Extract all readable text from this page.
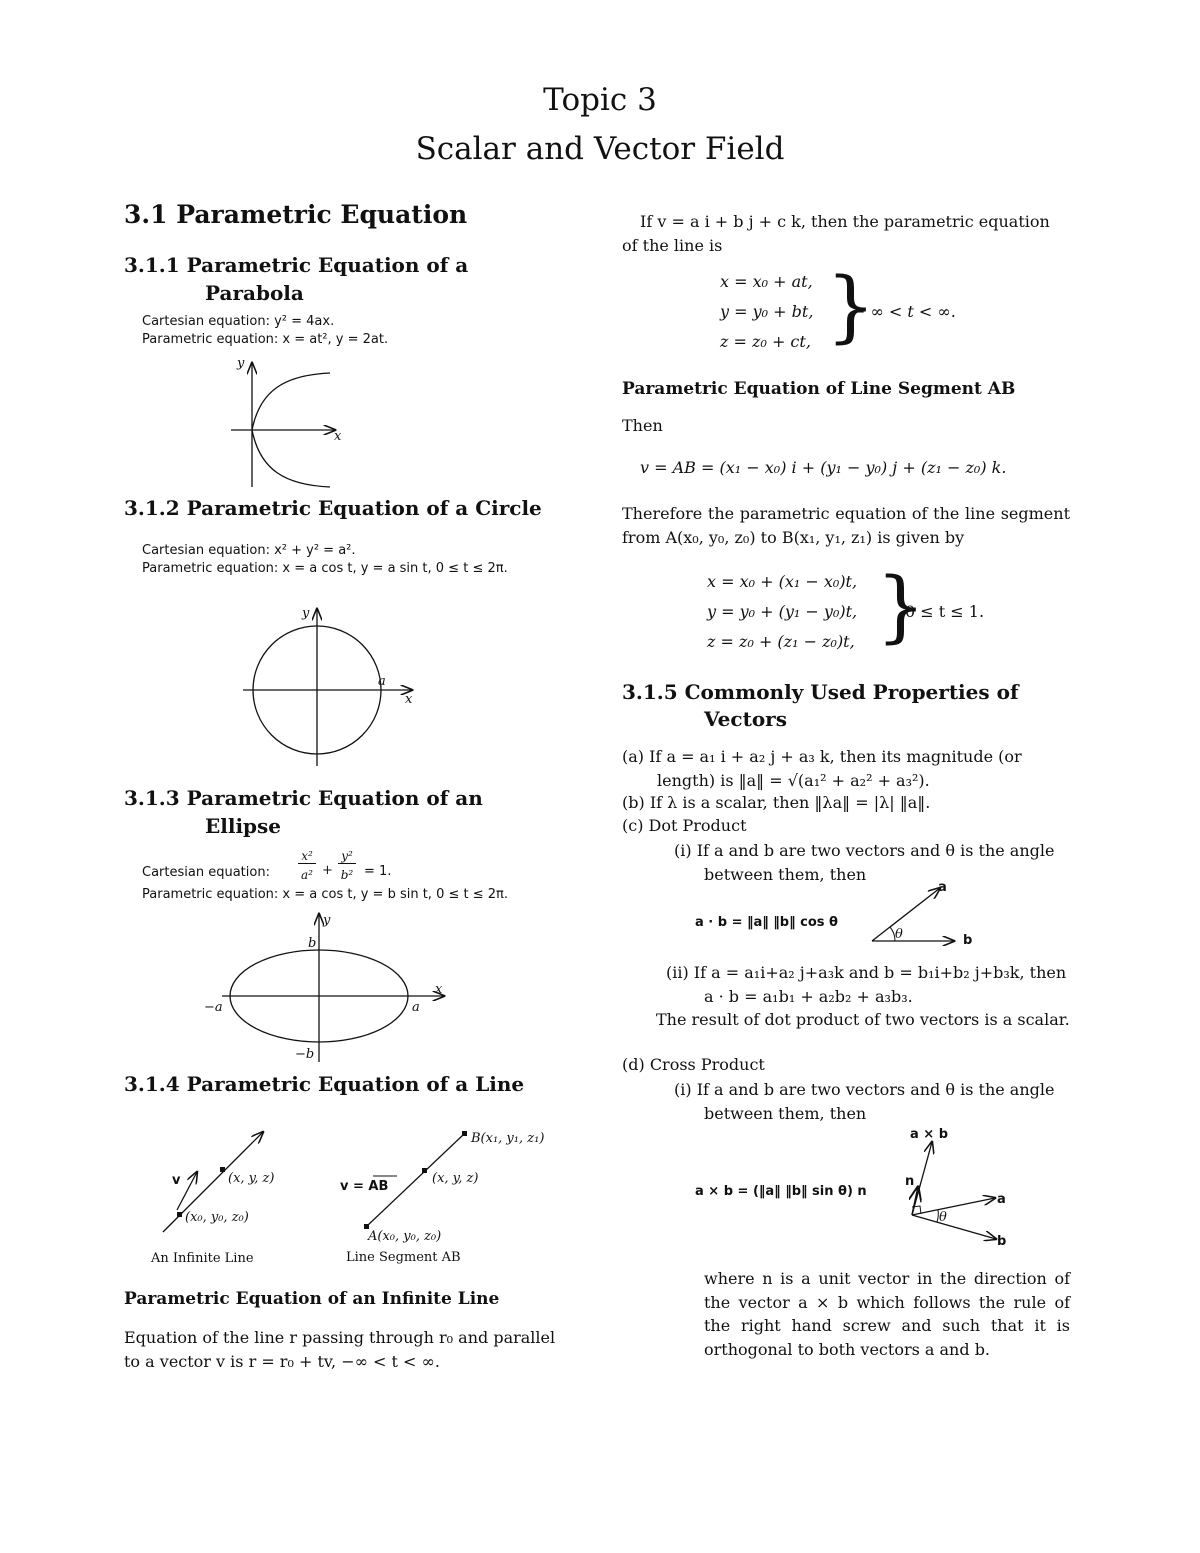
Topic 3
Scalar and Vector Field
3.1 Parametric Equation
3.1.1 Parametric Equation of a
Parabola
Cartesian equation: y² = 4ax.
Parametric equation: x = at², y = 2at.
y
x
3.1.2 Parametric Equation of a Circle
Cartesian equation: x² + y² = a².
Parametric equation: x = a cos t, y = a sin t, 0 ≤ t ≤ 2π.
y
x
a
3.1.3 Parametric Equation of an
Ellipse
Cartesian equation:
x²
a² +
y²
b² = 1.
Parametric equation: x = a cos t, y = b sin t, 0 ≤ t ≤ 2π.
y
x
b
−b
a
−a
3.1.4 Parametric Equation of a Line
v	(x, y, z)
(x₀, y₀, z₀)
An Infinite Line
v = AB
(x, y, z)
A(x₀, y₀, z₀)
B(x₁, y₁, z₁)
Line Segment AB
Parametric Equation of an Infinite Line
Equation of the line r passing through r₀ and parallel to a vector v is r = r₀ + tv, −∞ < t < ∞.
If v = a i + b j + c k, then the parametric equation of the line is
x = x₀ + at,
y = y₀ + bt,
z = z₀ + ct, }
− ∞ < t < ∞.
Parametric Equation of Line Segment AB
Then
v = AB = (x₁ − x₀) i + (y₁ − y₀) j + (z₁ − z₀) k.
Therefore the parametric equation of the line segment from A(x₀, y₀, z₀) to B(x₁, y₁, z₁) is given by
x = x₀ + (x₁ − x₀)t,
y = y₀ + (y₁ − y₀)t,
z = z₀ + (z₁ − z₀)t, }
0 ≤ t ≤ 1.
3.1.5 Commonly Used Properties of
Vectors
(a) If a = a₁ i + a₂ j + a₃ k, then its magnitude (or length) is ‖a‖ = √(a₁² + a₂² + a₃²).
(b) If λ is a scalar, then ‖λa‖ = |λ| ‖a‖.
(c) Dot Product
(i) If a and b are two vectors and θ is the angle between them, then
a · b = ‖a‖ ‖b‖ cos θ
a
b
θ
(ii) If a = a₁i+a₂ j+a₃k and b = b₁i+b₂ j+b₃k, then a · b = a₁b₁ + a₂b₂ + a₃b₃.
The result of dot product of two vectors is a scalar.
(d) Cross Product
(i) If a and b are two vectors and θ is the angle between them, then
a × b = (‖a‖ ‖b‖ sin θ) n
a × b
n
a
b
θ
where n is a unit vector in the direction of the vector a × b which follows the rule of the right hand screw and such that it is orthogonal to both vectors a and b.
